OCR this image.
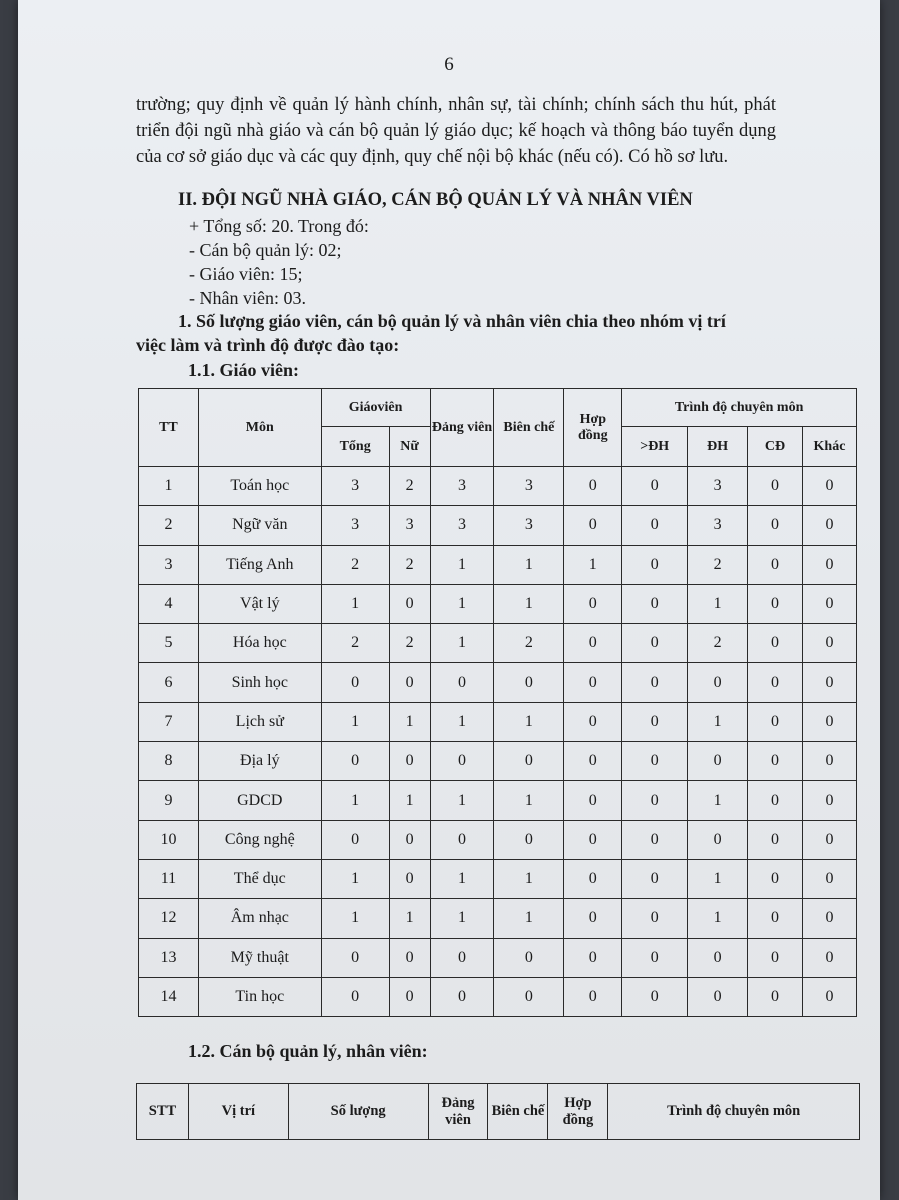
6
trường; quy định về quản lý hành chính, nhân sự, tài chính; chính sách thu hút, phát triển đội ngũ nhà giáo và cán bộ quản lý giáo dục; kế hoạch và thông báo tuyển dụng của cơ sở giáo dục và các quy định, quy chế nội bộ khác (nếu có). Có hồ sơ lưu.
II. ĐỘI NGŨ NHÀ GIÁO, CÁN BỘ QUẢN LÝ VÀ NHÂN VIÊN
+ Tổng số: 20. Trong đó:
- Cán bộ quản lý: 02;
- Giáo viên: 15;
- Nhân viên: 03.
1. Số lượng giáo viên, cán bộ quản lý và nhân viên chia theo nhóm vị trí
việc làm và trình độ được đào tạo:
1.1. Giáo viên:
TT	Môn	Giáoviên		Đảng viên	Biên chế	Hợp đồng	Trình độ chuyên môn			
		Tổng	Nữ				>ĐH	ĐH	CĐ	Khác
1	Toán học	3	2	3	3	0	0	3	0	0
2	Ngữ văn	3	3	3	3	0	0	3	0	0
3	Tiếng Anh	2	2	1	1	1	0	2	0	0
4	Vật lý	1	0	1	1	0	0	1	0	0
5	Hóa học	2	2	1	2	0	0	2	0	0
6	Sinh học	0	0	0	0	0	0	0	0	0
7	Lịch sử	1	1	1	1	0	0	1	0	0
8	Địa lý	0	0	0	0	0	0	0	0	0
9	GDCD	1	1	1	1	0	0	1	0	0
10	Công nghệ	0	0	0	0	0	0	0	0	0
11	Thể dục	1	0	1	1	0	0	1	0	0
12	Âm nhạc	1	1	1	1	0	0	1	0	0
13	Mỹ thuật	0	0	0	0	0	0	0	0	0
14	Tin học	0	0	0	0	0	0	0	0	0
1.2. Cán bộ quản lý, nhân viên:
STT	Vị trí	Số lượng	Đảng viên	Biên chế	Hợp đồng	Trình độ chuyên môn
